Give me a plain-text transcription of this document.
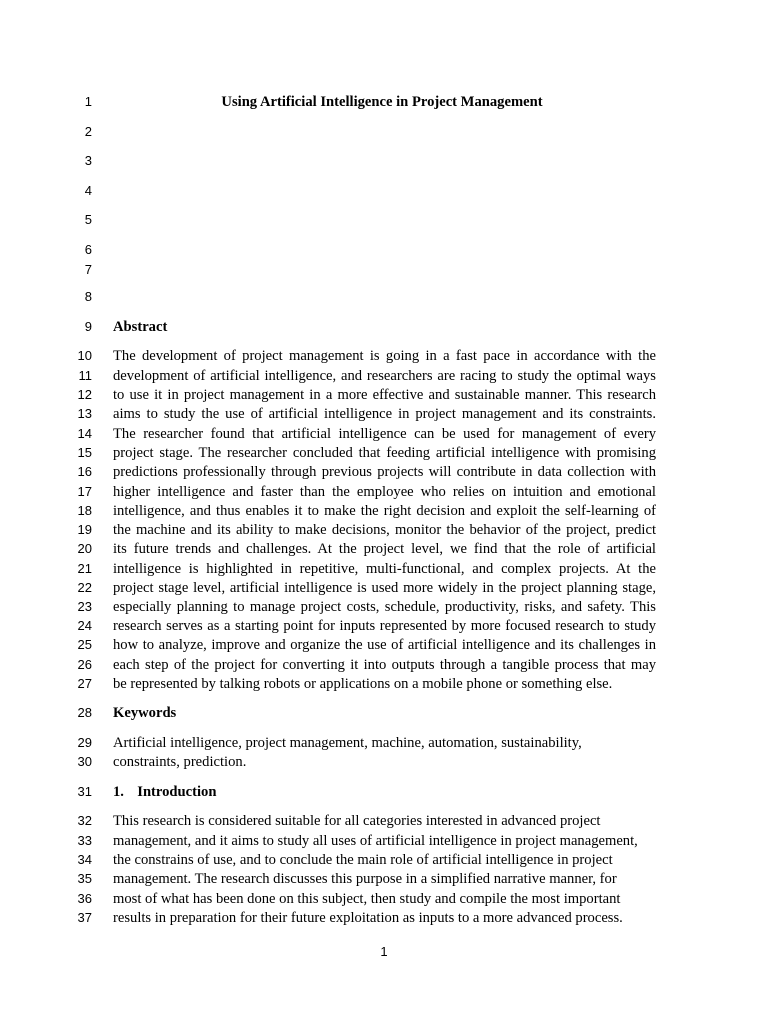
1
2
3
4
5
6
7
8
9
10
11
12
13
14
15
16
17
18
19
20
21
22
23
24
25
26
27
28
29
30
31
32
33
34
35
36
37
Using Artificial Intelligence in Project Management
Abstract
The development of project management is going in a fast pace in accordance with the
development of artificial intelligence, and researchers are racing to study the optimal ways
to use it in project management in a more effective and sustainable manner. This research
aims to study the use of artificial intelligence in project management and its constraints.
The researcher found that artificial intelligence can be used for management of every
project stage. The researcher concluded that feeding artificial intelligence with promising
predictions professionally through previous projects will contribute in data collection with
higher intelligence and faster than the employee who relies on intuition and emotional
intelligence, and thus enables it to make the right decision and exploit the self-learning of
the machine and its ability to make decisions, monitor the behavior of the project, predict
its future trends and challenges. At the project level, we find that the role of artificial
intelligence is highlighted in repetitive, multi-functional, and complex projects. At the
project stage level, artificial intelligence is used more widely in the project planning stage,
especially planning to manage project costs, schedule, productivity, risks, and safety. This
research serves as a starting point for inputs represented by more focused research to study
how to analyze, improve and organize the use of artificial intelligence and its challenges in
each step of the project for converting it into outputs through a tangible process that may
be represented by talking robots or applications on a mobile phone or something else.
Keywords
Artificial intelligence, project management, machine, automation, sustainability,
constraints, prediction.
1. Introduction
This research is considered suitable for all categories interested in advanced project
management, and it aims to study all uses of artificial intelligence in project management,
the constrains of use, and to conclude the main role of artificial intelligence in project
management. The research discusses this purpose in a simplified narrative manner, for
most of what has been done on this subject, then study and compile the most important
results in preparation for their future exploitation as inputs to a more advanced process.
1
